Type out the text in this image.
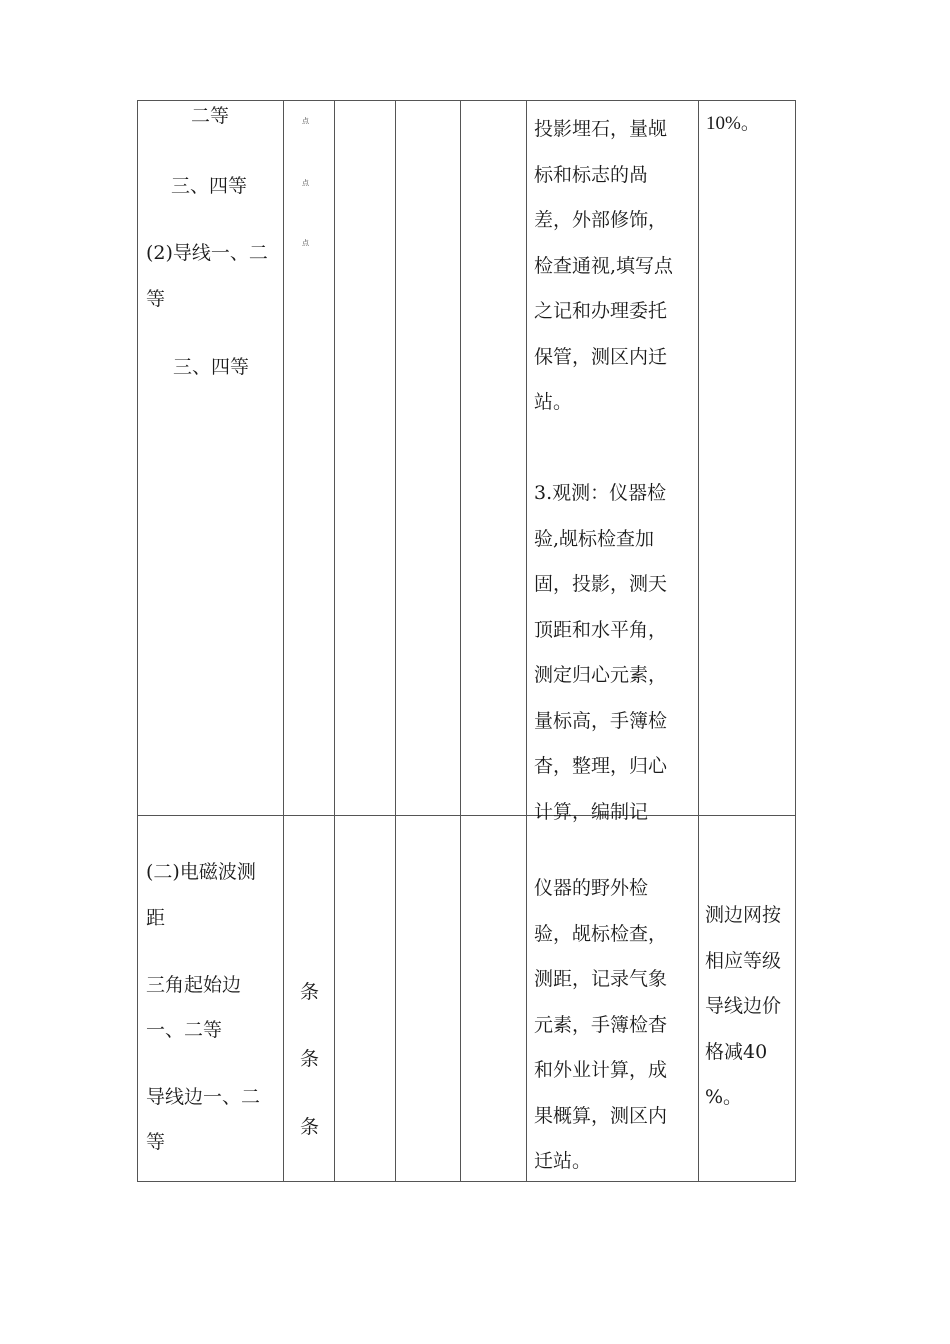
二等
三、四等
(2)导线一、二
等
三、四等
点
点
点
投影埋石，量觇
标和标志的咼
差，外部修饰，
检查通视,填写点
之记和办理委托
保管，测区内迁
站。
3.观测：仪器检
验,觇标检查加
固，投影，测天
顶距和水平角，
测定归心元素，
量标高，手簿检
杳，整理，归心
计算，编制记
10%。
(二)电磁波测
距
三角起始边
一、二等
导线边一、二
等
条
条
条
仪器的野外检
验，觇标检查，
测距，记录气象
元素，手簿检杳
和外业计算，成
果概算，测区内
迁站。
测边网按
相应等级
导线边价
格减40
%。
